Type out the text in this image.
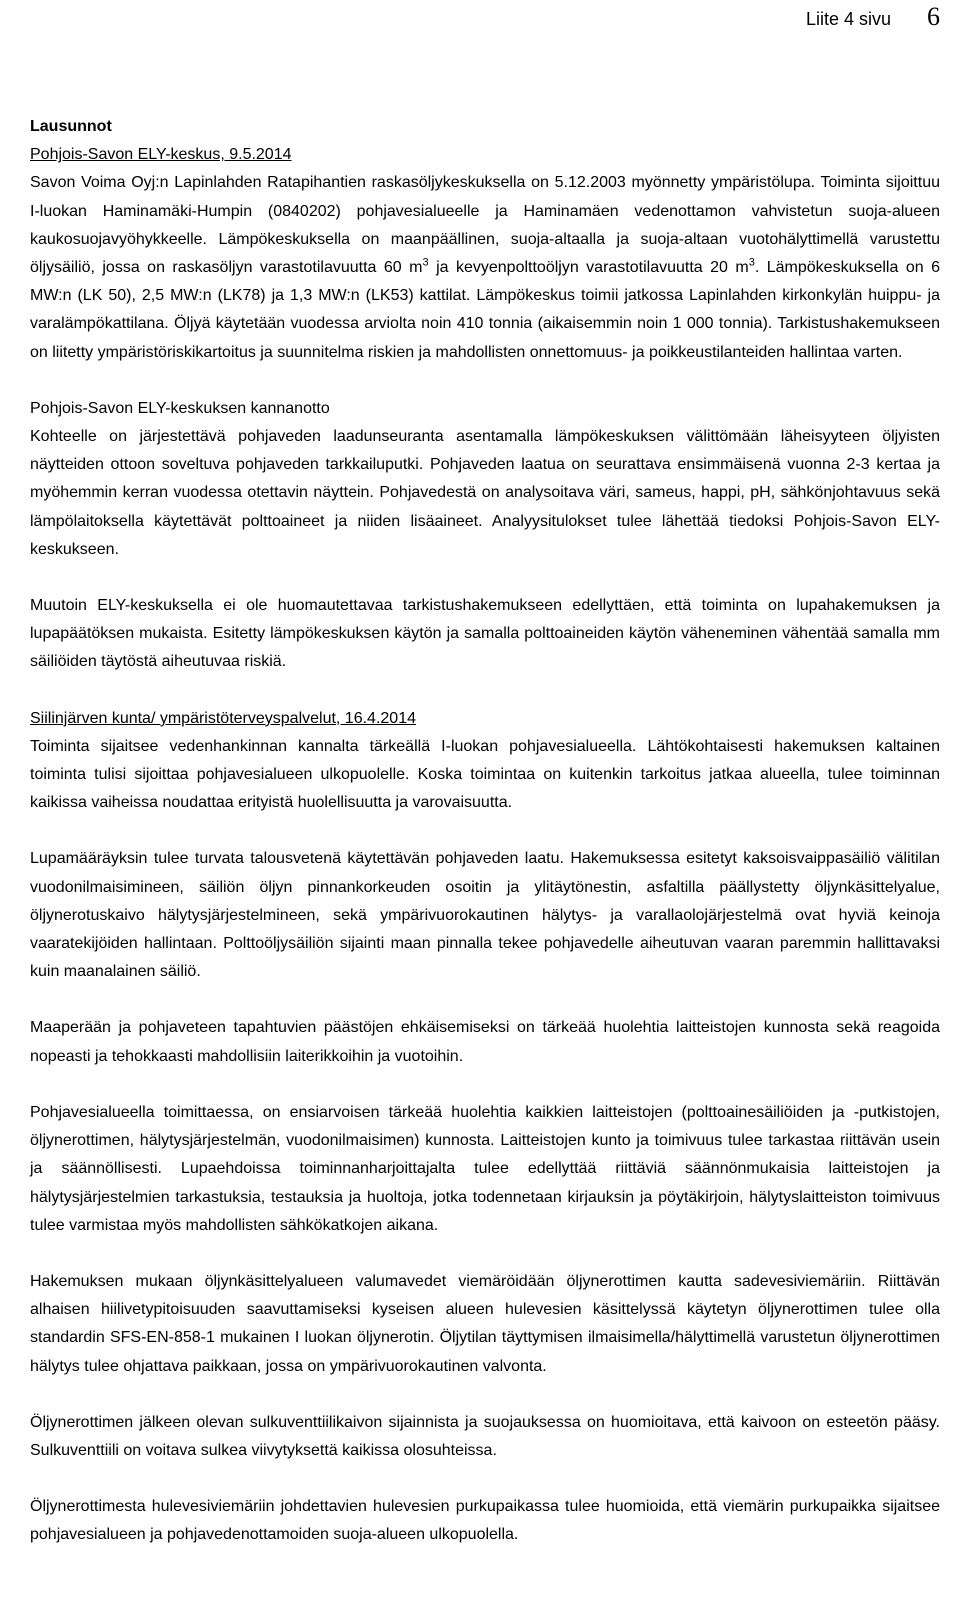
Liite 4 sivu 6
Lausunnot
Pohjois-Savon ELY-keskus, 9.5.2014

Savon Voima Oyj:n Lapinlahden Ratapihantien raskasöljykeskuksella on 5.12.2003 myönnetty ympäristölupa. Toiminta sijoittuu I-luokan Haminamäki-Humpin (0840202) pohjavesialueelle ja Haminamäen vedenottamon vahvistetun suoja-alueen kaukosuojavyöhykkeelle. Lämpökeskuksella on maanpäällinen, suoja-altaalla ja suoja-altaan vuotohälyttimellä varustettu öljysäiliö, jossa on raskasöljyn varastotilavuutta 60 $m^3$ ja kevyenpolttoöljyn varastotilavuutta 20 $m^3$. Lämpökeskuksella on 6 MW:n (LK 50), 2,5 MW:n (LK78) ja 1,3 MW:n (LK53) kattilat. Lämpökeskus toimii jatkossa Lapinlahden kirkonkylän huippu- ja varalämpökattilana. Öljyä käytetään vuodessa arviolta noin 410 tonnia (aikaisemmin noin 1 000 tonnia). Tarkistushakemukseen on liitetty ympäristöriskikartoitus ja suunnitelma riskien ja mahdollisten onnettomuus- ja poikkeustilanteiden hallintaa varten.

Pohjois-Savon ELY-keskuksen kannanotto

Kohteelle on järjestettävä pohjaveden laadunseuranta asentamalla lämpökeskuksen välittömään läheisyyteen öljyisten näytteiden ottoon soveltuva pohjaveden tarkkailuputki. Pohjaveden laatua on seurattava ensimmäisenä vuonna 2-3 kertaa ja myöhemmin kerran vuodessa otettavin näyttein. Pohjavedestä on analysoitava väri, sameus, happi, pH, sähkönjohtavuus sekä lämpölaitoksella käytettävät polttoaineet ja niiden lisäaineet. Analyysitulokset tulee lähettää tiedoksi Pohjois-Savon ELY-keskukseen.

Muutoin ELY-keskuksella ei ole huomautettavaa tarkistushakemukseen edellyttäen, että toiminta on lupahakemuksen ja lupapäätöksen mukaista. Esitetty lämpökeskuksen käytön ja samalla polttoaineiden käytön väheneminen vähentää samalla mm säiliöiden täytöstä aiheutuvaa riskiä.

Siilinjärven kunta/ ympäristöterveyspalvelut, 16.4.2014

Toiminta sijaitsee vedenhankinnan kannalta tärkeällä I-luokan pohjavesialueella. Lähtökohtaisesti hakemuksen kaltainen toiminta tulisi sijoittaa pohjavesialueen ulkopuolelle. Koska toimintaa on kuitenkin tarkoitus jatkaa alueella, tulee toiminnan kaikissa vaiheissa noudattaa erityistä huolellisuutta ja varovaisuutta.

Lupamääräyksin tulee turvata talousvetenä käytettävän pohjaveden laatu. Hakemuksessa esitetyt kaksoisvaippasäiliö välitilan vuodonilmaisimineen, säiliön öljyn pinnankorkeuden osoitin ja ylitäytönestin, asfaltilla päällystetty öljynkäsittelyalue, öljynerotuskaivo hälytysjärjestelmineen, sekä ympärivuorokautinen hälytys- ja varallaolojärjestelmä ovat hyviä keinoja vaaratekijöiden hallintaan. Polttoöljysäiliön sijainti maan pinnalla tekee pohjavedelle aiheutuvan vaaran paremmin hallittavaksi kuin maanalainen säiliö.

Maaperään ja pohjaveteen tapahtuvien päästöjen ehkäisemiseksi on tärkeää huolehtia laitteistojen kunnosta sekä reagoida nopeasti ja tehokkaasti mahdollisiin laiterikkoihin ja vuotoihin.

Pohjavesialueella toimittaessa, on ensiarvoisen tärkeää huolehtia kaikkien laitteistojen (polttoainesäiliöiden ja -putkistojen, öljynerottimen, hälytysjärjestelmän, vuodonilmaisimen) kunnosta. Laitteistojen kunto ja toimivuus tulee tarkastaa riittävän usein ja säännöllisesti. Lupaehdoissa toiminnanharjoittajalta tulee edellyttää riittäviä säännönmukaisia laitteistojen ja hälytysjärjestelmien tarkastuksia, testauksia ja huoltoja, jotka todennetaan kirjauksin ja pöytäkirjoin, hälytyslaitteiston toimivuus tulee varmistaa myös mahdollisten sähkökatkojen aikana.

Hakemuksen mukaan öljynkäsittelyalueen valumavedet viemäröidään öljynerottimen kautta sadevesiviemäriin. Riittävän alhaisen hiilivetypitoisuuden saavuttamiseksi kyseisen alueen hulevesien käsittelyssä käytetyn öljynerottimen tulee olla standardin SFS-EN-858-1 mukainen I luokan öljynerotin. Öljytilan täyttymisen ilmaisimella/hälyttimellä varustetun öljynerottimen hälytys tulee ohjattava paikkaan, jossa on ympärivuorokautinen valvonta.

Öljynerottimen jälkeen olevan sulkuventtiilikaivon sijainnista ja suojauksessa on huomioitava, että kaivoon on esteetön pääsy. Sulkuventtiili on voitava sulkea viivytyksettä kaikissa olosuhteissa.

Öljynerottimesta hulevesiviemäriin johdettavien hulevesien purkupaikassa tulee huomioida, että viemärin purkupaikka sijaitsee pohjavesialueen ja pohjavedenottamoiden suoja-alueen ulkopuolella.
